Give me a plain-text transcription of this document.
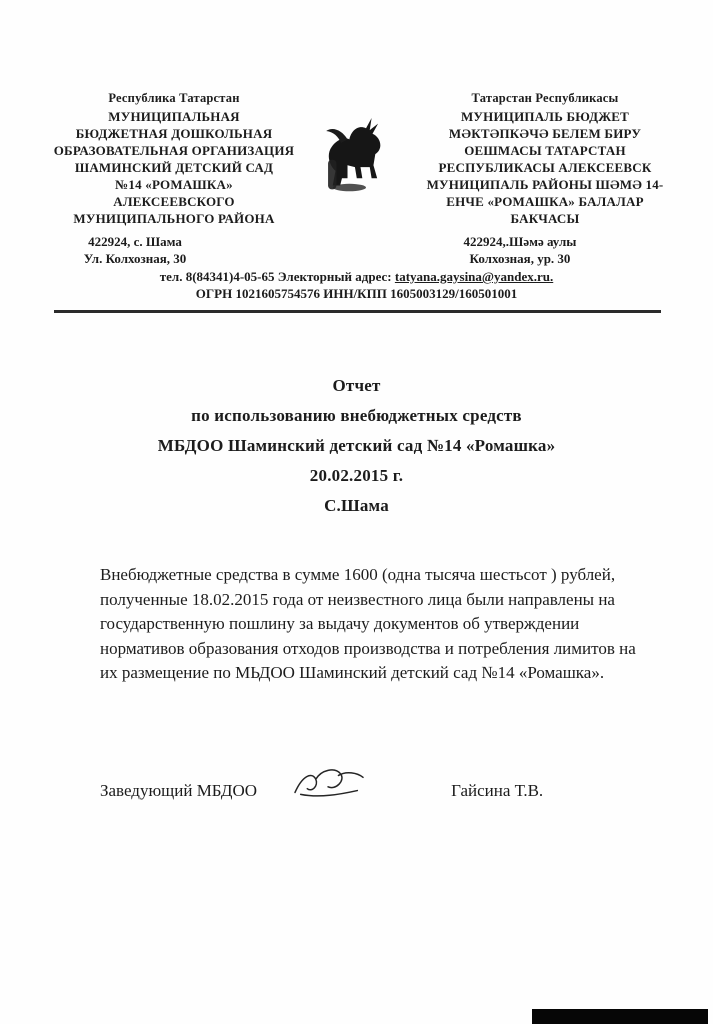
Республика Татарстан
МУНИЦИПАЛЬНАЯ
БЮДЖЕТНАЯ ДОШКОЛЬНАЯ
ОБРАЗОВАТЕЛЬНАЯ ОРГАНИЗАЦИЯ
ШАМИНСКИЙ ДЕТСКИЙ САД
№14 «РОМАШКА»
АЛЕКСЕЕВСКОГО
МУНИЦИПАЛЬНОГО РАЙОНА
Татарстан Республикасы
МУНИЦИПАЛЬ БЮДЖЕТ
МӘКТӘПКӘЧӘ БЕЛЕМ БИРУ
ОЕШМАСЫ ТАТАРСТАН
РЕСПУБЛИКАСЫ АЛЕКСЕЕВСК
МУНИЦИПАЛЬ РАЙОНЫ ШӘМӘ 14-
ЕНЧЕ «РОМАШКА» БАЛАЛАР
БАКЧАСЫ
422924, с. Шама
Ул. Колхозная, 30
422924,.Шәмә аулы
Колхозная, ур. 30
тел. 8(84341)4-05-65 Электорный адрес: tatyana.gaysina@yandex.ru.
ОГРН 1021605754576 ИНН/КПП 1605003129/160501001
Отчет
по использованию внебюджетных средств
МБДОО Шаминский детский сад №14 «Ромашка»
20.02.2015 г.
С.Шама

Внебюджетные средства в сумме 1600 (одна тысяча шестьсот ) рублей, полученные 18.02.2015 года от неизвестного лица были направлены на государственную пошлину за выдачу документов об утверждении нормативов образования отходов производства и потребления лимитов на их размещение по МЬДОО Шаминский детский сад №14 «Ромашка».

Заведующий МБДОО	Гайсина Т.В.
